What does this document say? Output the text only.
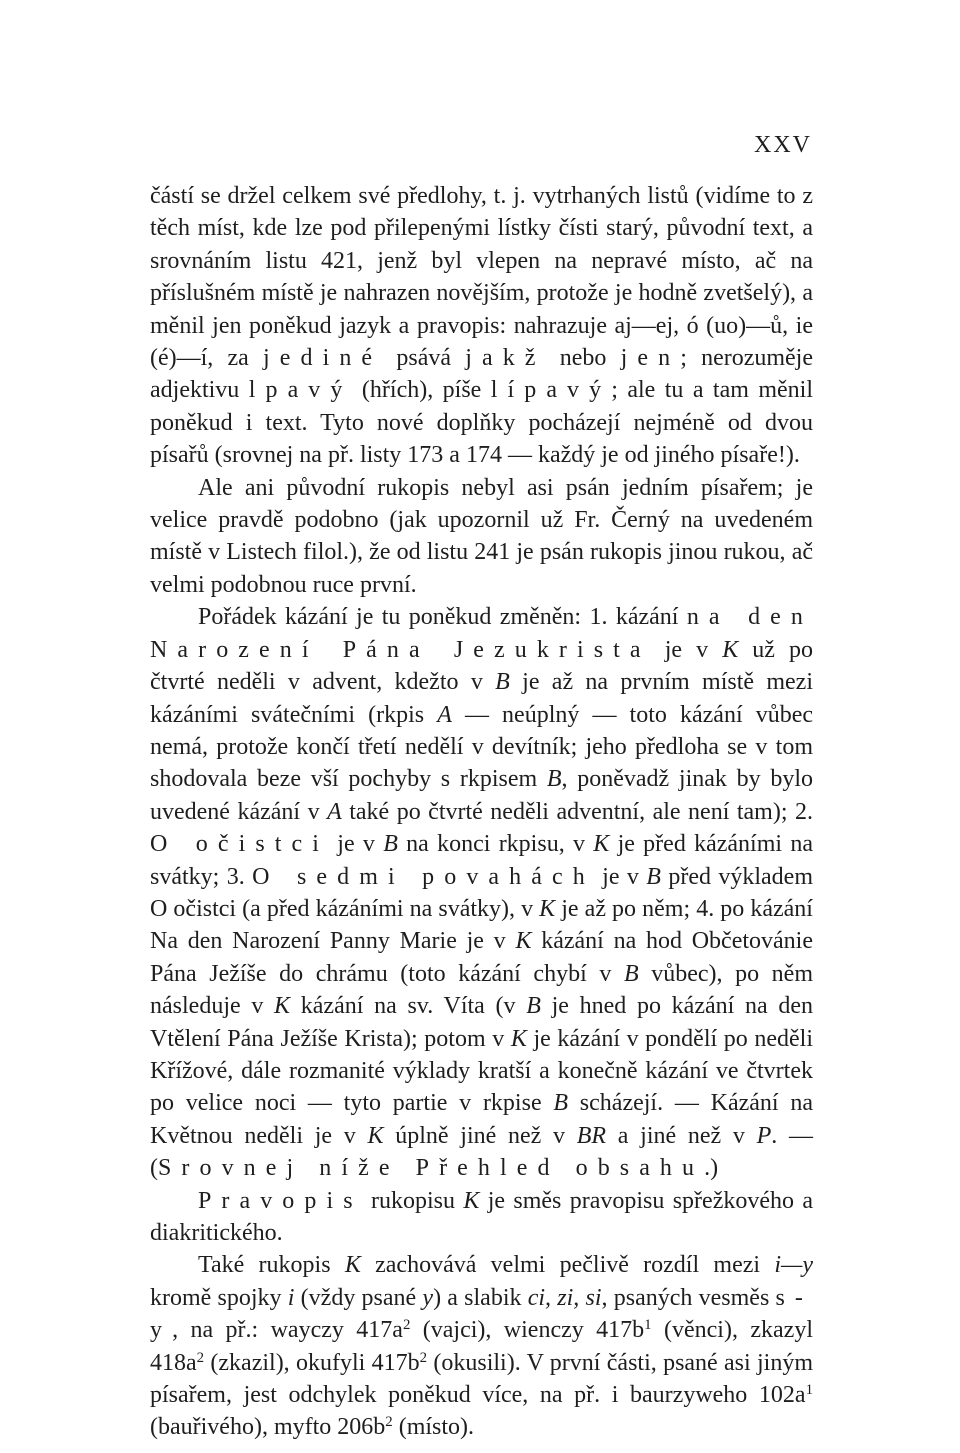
XXV

částí se držel celkem své předlohy, t. j. vytrhaných listů (vidíme to z těch míst, kde lze pod přilepenými lístky čísti starý, původní text, a srovnáním listu 421, jenž byl vlepen na nepravé místo, ač na příslušném místě je nahrazen novějším, protože je hodně zvetšelý), a měnil jen poněkud jazyk a pravopis: nahrazuje aj—ej, ó (uo)—ů, ie (é)—í, za jediné psává jakž nebo jen; nerozuměje adjektivu lpavý (hřích), píše lípavý; ale tu a tam měnil poněkud i text. Tyto nové doplňky pocházejí nejméně od dvou písařů (srovnej na př. listy 173 a 174 — každý je od jiného písaře!).

Ale ani původní rukopis nebyl asi psán jedním písařem; je velice pravdě podobno (jak upozornil už Fr. Černý na uvedeném místě v Listech filol.), že od listu 241 je psán rukopis jinou rukou, ač velmi podobnou ruce první.

Pořádek kázání je tu poněkud změněn: 1. kázání na den Narození Pána Jezukrista je v K už po čtvrté neděli v advent, kdežto v B je až na prvním místě mezi kázáními svátečními (rkpis A — neúplný — toto kázání vůbec nemá, protože končí třetí nedělí v devítník; jeho předloha se v tom shodovala beze vší pochyby s rkpisem B, poněvadž jinak by bylo uvedené kázání v A také po čtvrté neděli adventní, ale není tam); 2. O očistci je v B na konci rkpisu, v K je před kázáními na svátky; 3. O sedmi povahách je v B před výkladem O očistci (a před kázáními na svátky), v K je až po něm; 4. po kázání Na den Narození Panny Marie je v K kázání na hod Občetovánie Pána Ježíše do chrámu (toto kázání chybí v B vůbec), po něm následuje v K kázání na sv. Víta (v B je hned po kázání na den Vtělení Pána Ježíše Krista); potom v K je kázání v pondělí po neděli Křížové, dále rozmanité výklady kratší a konečně kázání ve čtvrtek po velice noci — tyto partie v rkpise B scházejí. — Kázání na Květnou neděli je v K úplně jiné než v BR a jiné než v P. — (Srovnej níže Přehled obsahu.)

Pravopis rukopisu K je směs pravopisu spřežkového a diakritického.

Také rukopis K zachovává velmi pečlivě rozdíl mezi i—y kromě spojky i (vždy psané y) a slabik ci, zi, si, psaných vesměs s-y, na př.: wayczy $417a^2$ (vajci), wienczy $417b^1$ (věnci), zkazyl $418a^2$ (zkazil), okufyli $417b^2$ (okusili). V první části, psané asi jiným písařem, jest odchylek poněkud více, na př. i baurzyweho $102a^1$ (bauřivého), myfto $206b^2$ (místo).
